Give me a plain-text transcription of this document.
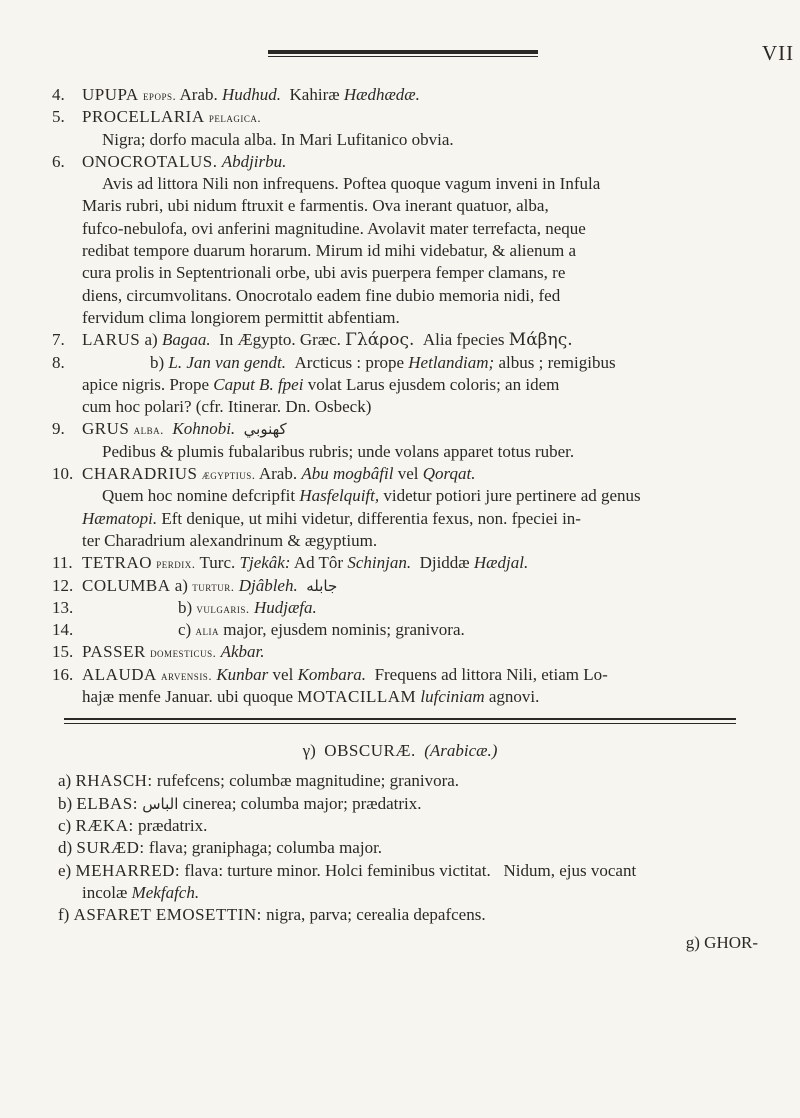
VII
4.	UPUPA epops. Arab. Hudhud. Kahiræ Hædhædæ.
5.	PROCELLARIA pelagica.
Nigra; dorfo macula alba. In Mari Lufitanico obvia.
6.	ONOCROTALUS. Abdjirbu.
Avis ad littora Nili non infrequens. Poftea quoque vagum inveni in Infula
Maris rubri, ubi nidum ftruxit e farmentis. Ova inerant quatuor, alba,
fufco-nebulofa, ovi anferini magnitudine. Avolavit mater terrefacta, neque
redibat tempore duarum horarum. Mirum id mihi videbatur, & alienum a
cura prolis in Septentrionali orbe, ubi avis puerpera femper clamans, re
diens, circumvolitans. Onocrotalo eadem fine dubio memoria nidi, fed
fervidum clima longiorem permittit abfentiam.
7.	LARUS a) Bagaa. In Ægypto. Græc. Γλάρος. Alia fpecies Μάβης.
8.	b) L. Jan van gendt. Arcticus : prope Hetlandiam; albus ; remigibus
apice nigris. Prope Caput B. fpei volat Larus ejusdem coloris; an idem
cum hoc polari? (cfr. Itinerar. Dn. Osbeck)
9.	GRUS alba. Kohnobi. كهنوبي
Pedibus & plumis fubalaribus rubris; unde volans apparet totus ruber.
10. CHARADRIUS ægyptius. Arab. Abu mogbâfil vel Qorqat.
Quem hoc nomine defcripfit Hasfelquift, videtur potiori jure pertinere ad genus
Hæmatopi. Eft denique, ut mihi videtur, differentia fexus, non. fpeciei in-
ter Charadrium alexandrinum & ægyptium.
11. TETRAO perdix. Turc. Tjekâk: Ad Tôr Schinjan. Djiddæ Hædjal.
12. COLUMBA a) turtur. Djâbleh. جابله
13.	b) vulgaris. Hudjæfa.
14.	c) alia major, ejusdem nominis; granivora.
15. PASSER domesticus. Akbar.
16. ALAUDA arvensis. Kunbar vel Kombara. Frequens ad littora Nili, etiam Lo-
hajæ menfe Januar. ubi quoque MOTACILLAM lufciniam agnovi.
γ) OBSCURÆ. (Arabicæ.)
a) RHASCH: rufefcens; columbæ magnitudine; granivora.
b) ELBAS: الباس cinerea; columba major; prædatrix.
c) RÆKA: prædatrix.
d) SURÆD: flava; graniphaga; columba major.
e) MEHARRED: flava: turture minor. Holci feminibus victitat. Nidum, ejus vocant
incolæ Mekfafch.
f) ASFARET EMOSETTIN: nigra, parva; cerealia depafcens.
g) GHOR-
